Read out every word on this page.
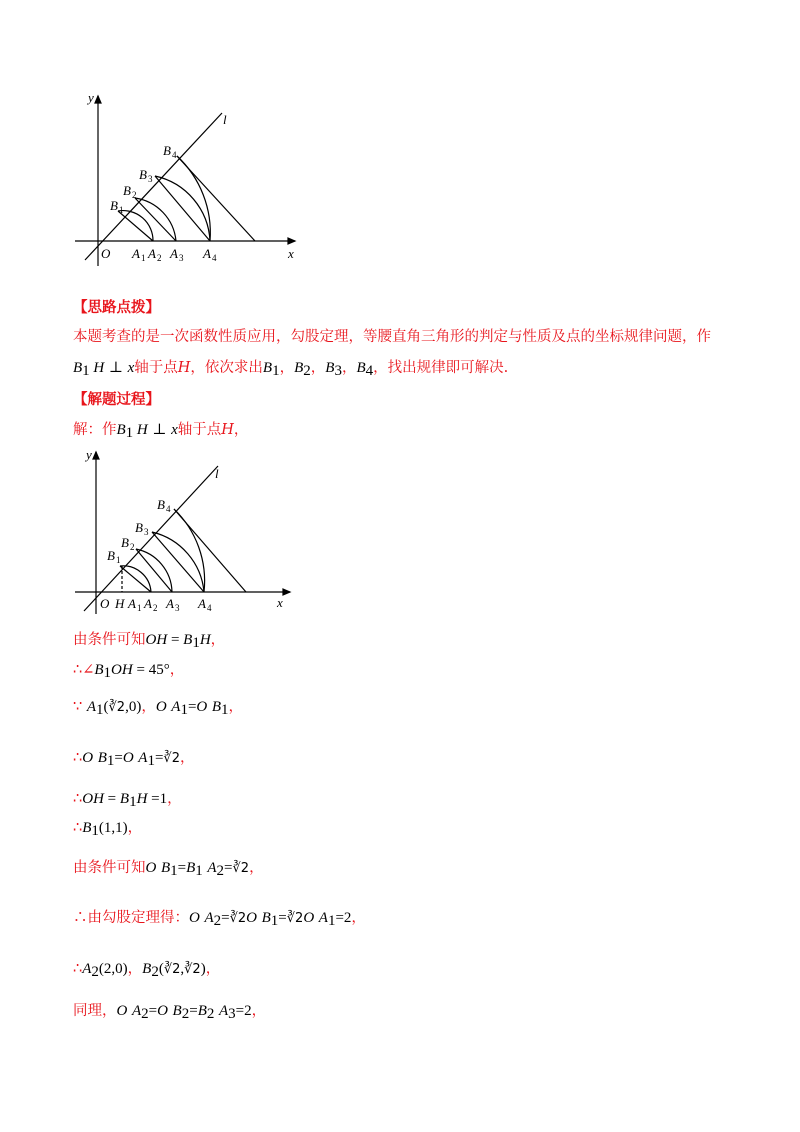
y
x
O
l
B 1
B 2
B 3
B 4
A 1 A 2 A 3 A 4
【思路点拨】
本题考查的是一次函数性质应用，勾股定理，等腰直角三角形的判定与性质及点的坐标规律问题，作
$B_1$ H ⊥ x轴于点H，依次求出$B_1$，$B_2$，$B_3$，$B_4$，找出规律即可解决.
【解题过程】
解：作$B_1$ H ⊥ x轴于点H，
y
x
O H
l
B 1
B 2
B 3
B 4
A 1 A 2 A 3 A 4
由条件可知OH = $B_1H$，
$\therefore\angle B_1OH = 45^\circ$，
∵ $A_1(∛2,0)$，O $A_1=O$ $B_1$，
∴O $B_1=O$ $A_1=∛2$，
∴OH = $B_1H =1$，
$\therefore B_1(1,1)$，
由条件可知O $B_1=B_1$ $A_2=∛2$，
∴由勾股定理得：O $A_2=∛2O$ $B_1=∛2O$ $A_1=2$，
$\therefore A_2(2,0)$，$B_2(∛2,∛2)$，
同理，O $A_2=O$ $B_2=B_2$ $A_3=2$，
